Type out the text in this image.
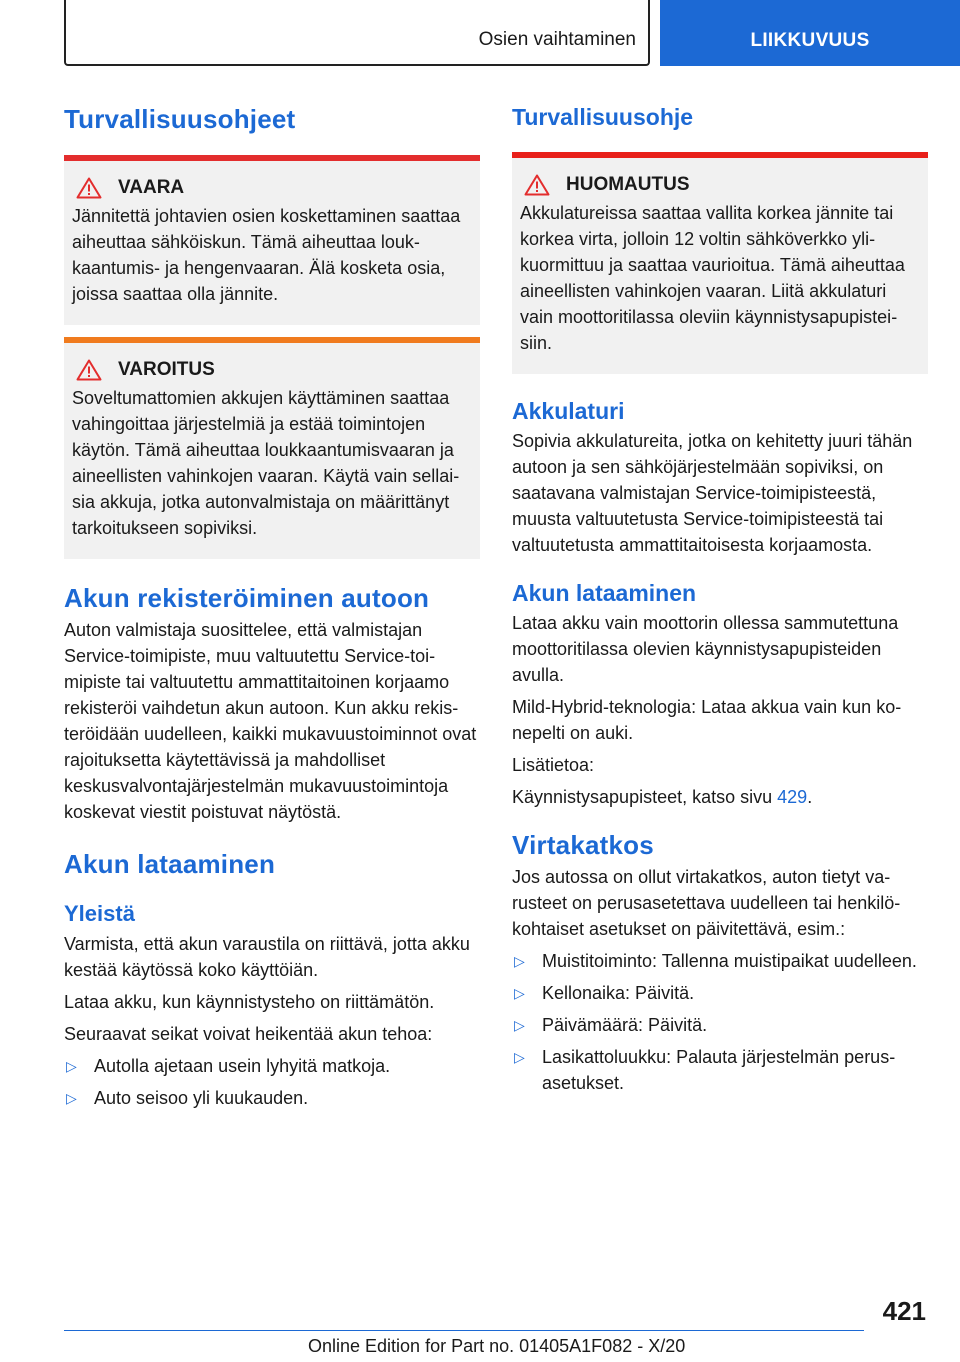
Osien vaihtaminen	LIIKKUVUUS
Turvallisuusohjeet
VAARA
Jännitettä johtavien osien koskettaminen saattaa aiheuttaa sähköiskun. Tämä aiheuttaa loukkaantumis- ja hengenvaaran. Älä kosketa osia, joissa saattaa olla jännite.
VAROITUS
Soveltumattomien akkujen käyttäminen saattaa vahingoittaa järjestelmiä ja estää toimintojen käytön. Tämä aiheuttaa loukkaantumisvaaran ja aineellisten vahinkojen vaaran. Käytä vain sellaisia akkuja, jotka autonvalmistaja on määrittänyt tarkoitukseen sopiviksi.
Akun rekisteröiminen autoon
Auton valmistaja suosittelee, että valmistajan Service-toimipiste, muu valtuutettu Service-toimipiste tai valtuutettu ammattitaitoinen korjaamo rekisteröi vaihdetun akun autoon. Kun akku rekisteröidään uudelleen, kaikki mukavuustoiminnot ovat rajoituksetta käytettävissä ja mahdolliset keskusvalvontajärjestelmän mukavuustoimintoja koskevat viestit poistuvat näytöstä.
Akun lataaminen
Yleistä
Varmista, että akun varaustila on riittävä, jotta akku kestää käytössä koko käyttöiän.
Lataa akku, kun käynnistysteho on riittämätön.
Seuraavat seikat voivat heikentää akun tehoa:
▷ Autolla ajetaan usein lyhyitä matkoja.
▷ Auto seisoo yli kuukauden.
Turvallisuusohje
HUOMAUTUS
Akkulatureissa saattaa vallita korkea jännite tai korkea virta, jolloin 12 voltin sähköverkko ylikuormittuu ja saattaa vaurioitua. Tämä aiheuttaa aineellisten vahinkojen vaaran. Liitä akkulaturi vain moottoritilassa oleviin käynnistysapupisteisiin.
Akkulaturi
Sopivia akkulatureita, jotka on kehitetty juuri tähän autoon ja sen sähköjärjestelmään sopiviksi, on saatavana valmistajan Service-toimipisteestä, muusta valtuutetusta Service-toimipisteestä tai valtuutetusta ammattitaitoisesta korjaamosta.
Akun lataaminen
Lataa akku vain moottorin ollessa sammutettuna moottoritilassa olevien käynnistysapupisteiden avulla.
Mild-Hybrid-teknologia: Lataa akkua vain kun konepelti on auki.
Lisätietoa:
Käynnistysapupisteet, katso sivu 429.
Virtakatkos
Jos autossa on ollut virtakatkos, auton tietyt varusteet on perusasetettava uudelleen tai henkilökohtaiset asetukset on päivitettävä, esim.:
▷ Muistitoiminto: Tallenna muistipaikat uudelleen.
▷ Kellonaika: Päivitä.
▷ Päivämäärä: Päivitä.
▷ Lasikattoluukku: Palauta järjestelmän perusasetukset.
421
Online Edition for Part no. 01405A1F082 - X/20
